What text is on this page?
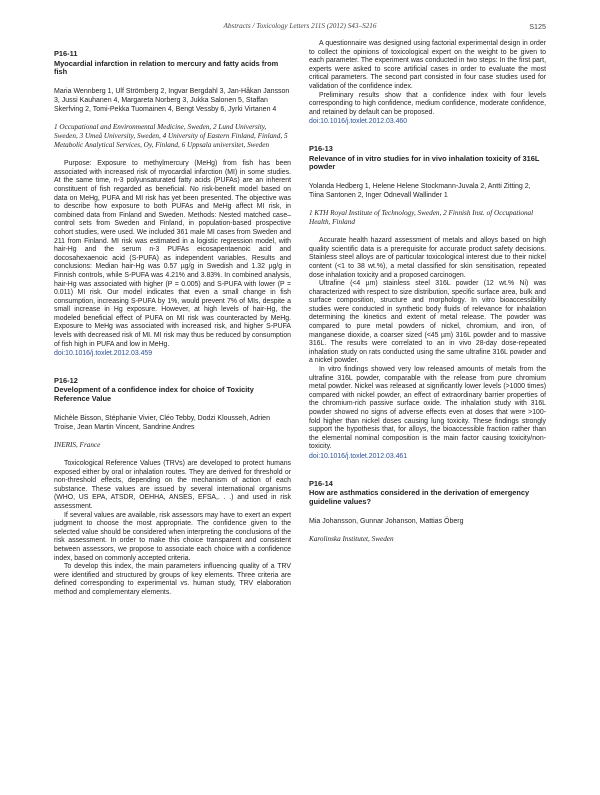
Abstracts / Toxicology Letters 211S (2012) S43–S216	S125
P16-11
Myocardial infarction in relation to mercury and fatty acids from fish
Maria Wennberg 1, Ulf Strömberg 2, Ingvar Bergdahl 3, Jan-Håkan Jansson 3, Jussi Kauhanen 4, Margareta Norberg 3, Jukka Salonen 5, Staffan Skerfving 2, Tomi-Pekka Tuomainen 4, Bengt Vessby 6, Jyrki Virtanen 4
1 Occupational and Environmental Medicine, Sweden, 2 Lund University, Sweden, 3 Umeå University, Sweden, 4 University of Eastern Finland, Finland, 5 Metabolic Analytical Services, Oy, Finland, 6 Uppsala universitet, Sweden
Purpose: Exposure to methylmercury (MeHg) from fish has been associated with increased risk of myocardial infarction (MI) in some studies. At the same time, n-3 polyunsaturated fatty acids (PUFAs) are an inherent constituent of fish regarded as beneficial. No risk-benefit model based on data on MeHg, PUFA and MI risk has yet been presented. The objective was to describe how exposure to both PUFAs and MeHg affect MI risk, in combined data from Finland and Sweden. Methods: Nested matched case–control sets from Sweden and Finland, in population-based prospective cohort studies, were used. We included 361 male MI cases from Sweden and 211 from Finland. MI risk was estimated in a logistic regression model, with hair-Hg and the serum n-3 PUFAs eicosapentaenoic acid and docosahexaenoic acid (S-PUFA) as independent variables. Results and conclusions: Median hair-Hg was 0.57 µg/g in Swedish and 1.32 µg/g in Finnish controls, while S-PUFA was 4.21% and 3.83%. In combined analysis, hair-Hg was associated with higher (P = 0.005) and S-PUFA with lower (P = 0.011) MI risk. Our model indicates that even a small change in fish consumption, increasing S-PUFA by 1%, would prevent 7% of MIs, despite a small increase in Hg exposure. However, at high levels of hair-Hg, the modeled beneficial effect of PUFA on MI risk was counteracted by MeHg. Exposure to MeHg was associated with increased risk, and higher S-PUFA levels with decreased risk of MI. MI risk may thus be reduced by consumption of fish high in PUFA and low in MeHg.
doi:10.1016/j.toxlet.2012.03.459
P16-12
Development of a confidence index for choice of Toxicity Reference Value
Michèle Bisson, Stéphanie Vivier, Cléo Tebby, Dodzi Klousseh, Adrien Troise, Jean Martin Vincent, Sandrine Andres
INERIS, France
Toxicological Reference Values (TRVs) are developed to protect humans exposed either by oral or inhalation routes. They are derived for threshold or non-threshold effects, depending on the mechanism of action of each substance. These values are issued by several international organisms (WHO, US EPA, ATSDR, OEHHA, ANSES, EFSA,. . .) and used in risk assessment.
If several values are available, risk assessors may have to exert an expert judgment to choose the most appropriate. The confidence given to the selected value should be considered when interpreting the conclusions of the risk assessment. In order to make this choice transparent and consistent between assessors, we propose to associate each choice with a confidence index, based on commonly accepted criteria.
To develop this index, the main parameters influencing quality of a TRV were identified and structured by groups of key elements. Three criteria are defined corresponding to experimental vs. human study, TRV elaboration method and complementary elements.
A questionnaire was designed using factorial experimental design in order to collect the opinions of toxicological expert on the weight to be given to each parameter. The experiment was conducted in two steps: In the first part, experts were asked to score artificial cases in order to evaluate the most critical parameters. The second part consisted in four case studies used for validation of the confidence index.
Preliminary results show that a confidence index with four levels corresponding to high confidence, medium confidence, moderate confidence, and retained by default can be proposed.
doi:10.1016/j.toxlet.2012.03.460
P16-13
Relevance of in vitro studies for in vivo inhalation toxicity of 316L powder
Yolanda Hedberg 1, Helene Helene Stockmann-Juvala 2, Antti Zitting 2, Tiina Santonen 2, Inger Odnevall Wallinder 1
1 KTH Royal Institute of Technology, Sweden, 2 Finnish Inst. of Occupational Health, Finland
Accurate health hazard assessment of metals and alloys based on high quality scientific data is a prerequisite for accurate product safety decisions. Stainless steel alloys are of particular toxicological interest due to their nickel content (<1 to 38 wt.%), a metal classified for skin sensitisation, repeated dose inhalation toxicity and a proposed carcinogen.
Ultrafine (<4 µm) stainless steel 316L powder (12 wt.% Ni) was characterized with respect to size distribution, specific surface area, bulk and surface composition, structure and morphology. In vitro bioaccessibility studies were conducted in synthetic body fluids of relevance for inhalation determining the kinetics and extent of metal release. The powder was compared to pure metal powders of nickel, chromium, and iron, of manganese dioxide, a coarser sized (<45 µm) 316L powder and to massive 316L. The results were correlated to an in vivo 28-day dose-repeated inhalation study on rats conducted using the same ultrafine 316L powder and a nickel powder.
In vitro findings showed very low released amounts of metals from the ultrafine 316L powder, comparable with the release from pure chromium metal powder. Nickel was released at significantly lower levels (>1000 times) compared with nickel powder, an effect of extraordinary barrier properties of the chromium-rich passive surface oxide. The inhalation study with 316L powder showed no signs of adverse effects even at doses that were >100-fold higher than nickel doses causing lung toxicity. These findings strongly support the hypothesis that, for alloys, the bioaccessible fraction rather than the elemental nominal composition is the main factor causing toxicity/non-toxicity.
doi:10.1016/j.toxlet.2012.03.461
P16-14
How are asthmatics considered in the derivation of emergency guideline values?
Mia Johansson, Gunnar Johanson, Mattias Öberg
Karolinska Institutet, Sweden
